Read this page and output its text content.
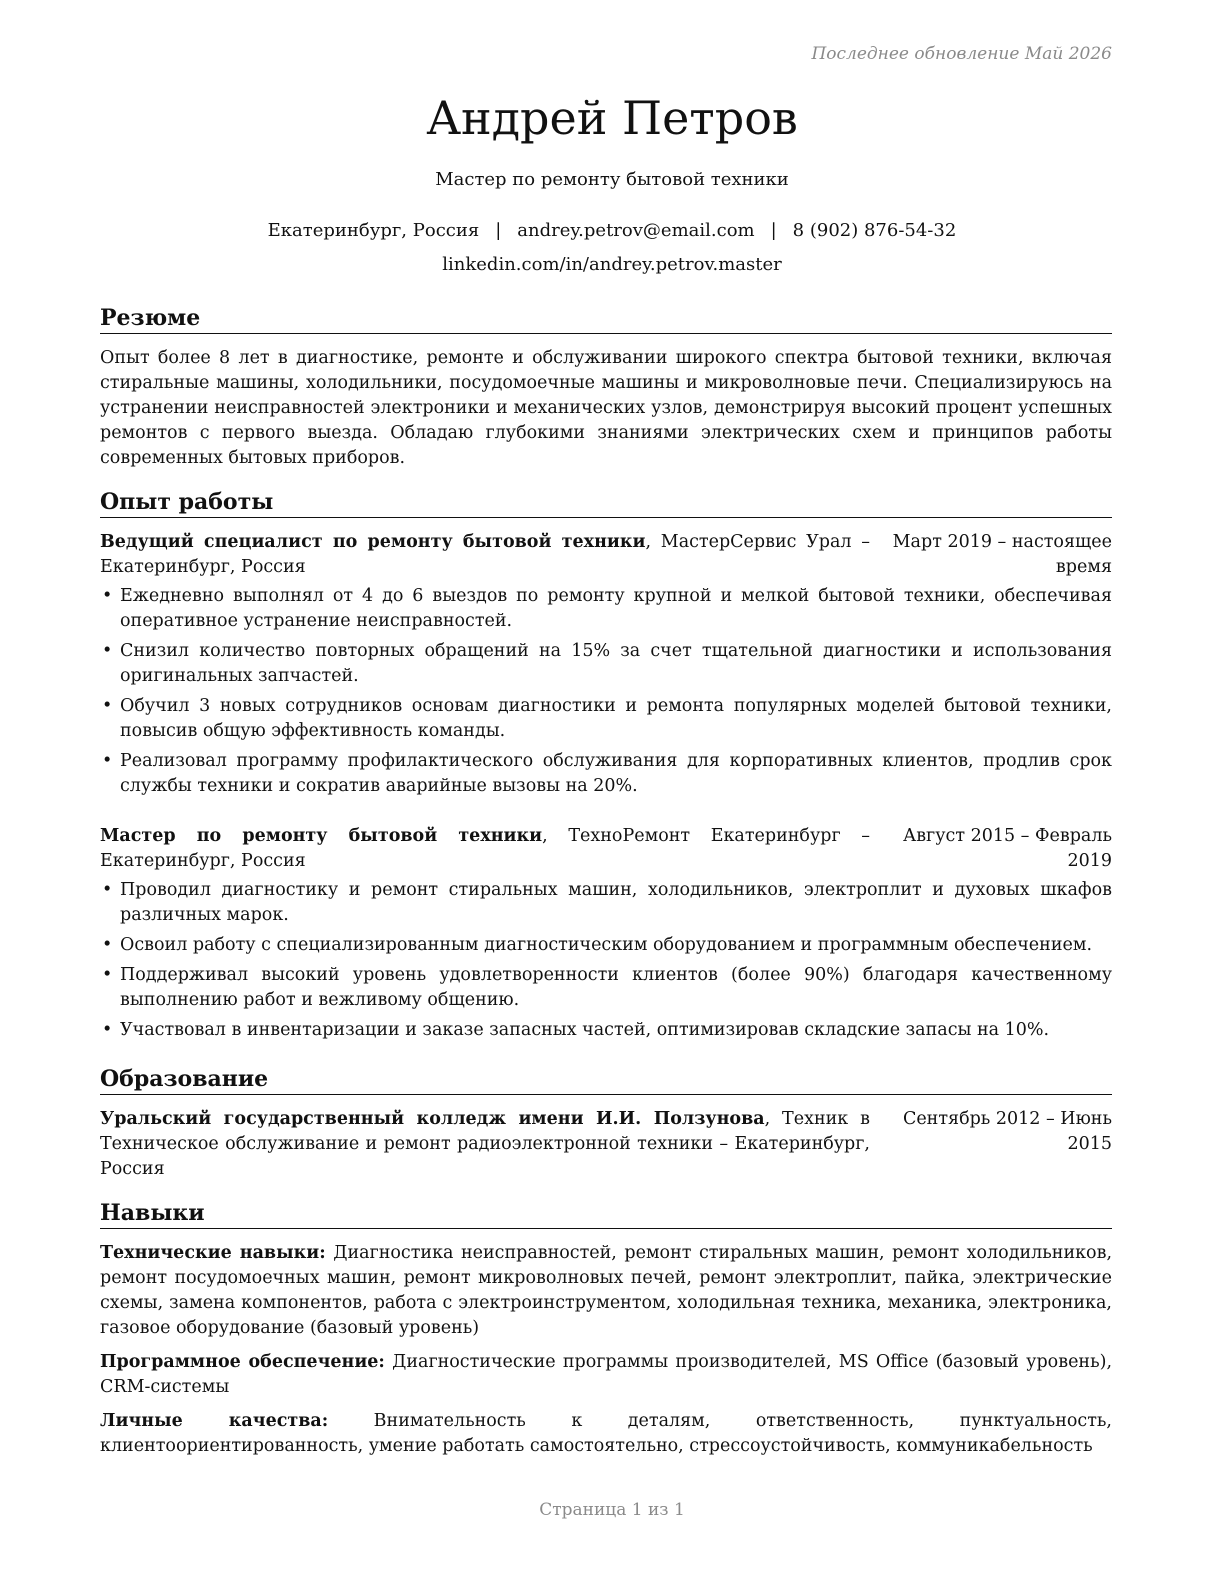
Последнее обновление Май 2026
Андрей Петров
Мастер по ремонту бытовой техники
Екатеринбург, Россия | andrey.petrov@email.com | 8 (902) 876-54-32
linkedin.com/in/andrey.petrov.master
Резюме

Опыт более 8 лет в диагностике, ремонте и обслуживании широкого спектра бытовой техники, включая стиральные машины, холодильники, посудомоечные машины и микроволновые печи. Специализируюсь на устранении неисправностей электроники и механических узлов, демонстрируя высокий процент успешных ремонтов с первого выезда. Обладаю глубокими знаниями электрических схем и принципов работы современных бытовых приборов.

Опыт работы
Ведущий специалист по ремонту бытовой техники, МастерСервис Урал – Екатеринбург, Россия
Март 2019 – настоящее время
• Ежедневно выполнял от 4 до 6 выездов по ремонту крупной и мелкой бытовой техники, обеспечивая оперативное устранение неисправностей.
• Снизил количество повторных обращений на 15% за счет тщательной диагностики и использования оригинальных запчастей.
• Обучил 3 новых сотрудников основам диагностики и ремонта популярных моделей бытовой техники, повысив общую эффективность команды.
• Реализовал программу профилактического обслуживания для корпоративных клиентов, продлив срок службы техники и сократив аварийные вызовы на 20%.
Мастер по ремонту бытовой техники, ТехноРемонт Екатеринбург – Екатеринбург, Россия
Август 2015 – Февраль 2019
• Проводил диагностику и ремонт стиральных машин, холодильников, электроплит и духовых шкафов различных марок.
• Освоил работу с специализированным диагностическим оборудованием и программным обеспечением.
• Поддерживал высокий уровень удовлетворенности клиентов (более 90%) благодаря качественному выполнению работ и вежливому общению.
• Участвовал в инвентаризации и заказе запасных частей, оптимизировав складские запасы на 10%.
Образование
Уральский государственный колледж имени И.И. Ползунова, Техник в Техническое обслуживание и ремонт радиоэлектронной техники – Екатеринбург, Россия
Сентябрь 2012 – Июнь 2015
Навыки
Технические навыки: Диагностика неисправностей, ремонт стиральных машин, ремонт холодильников, ремонт посудомоечных машин, ремонт микроволновых печей, ремонт электроплит, пайка, электрические схемы, замена компонентов, работа с электроинструментом, холодильная техника, механика, электроника, газовое оборудование (базовый уровень)
Программное обеспечение: Диагностические программы производителей, MS Office (базовый уровень), CRM-системы
Личные качества: Внимательность к деталям, ответственность, пунктуальность, клиентоориентированность, умение работать самостоятельно, стрессоустойчивость, коммуникабельность
Страница 1 из 1
